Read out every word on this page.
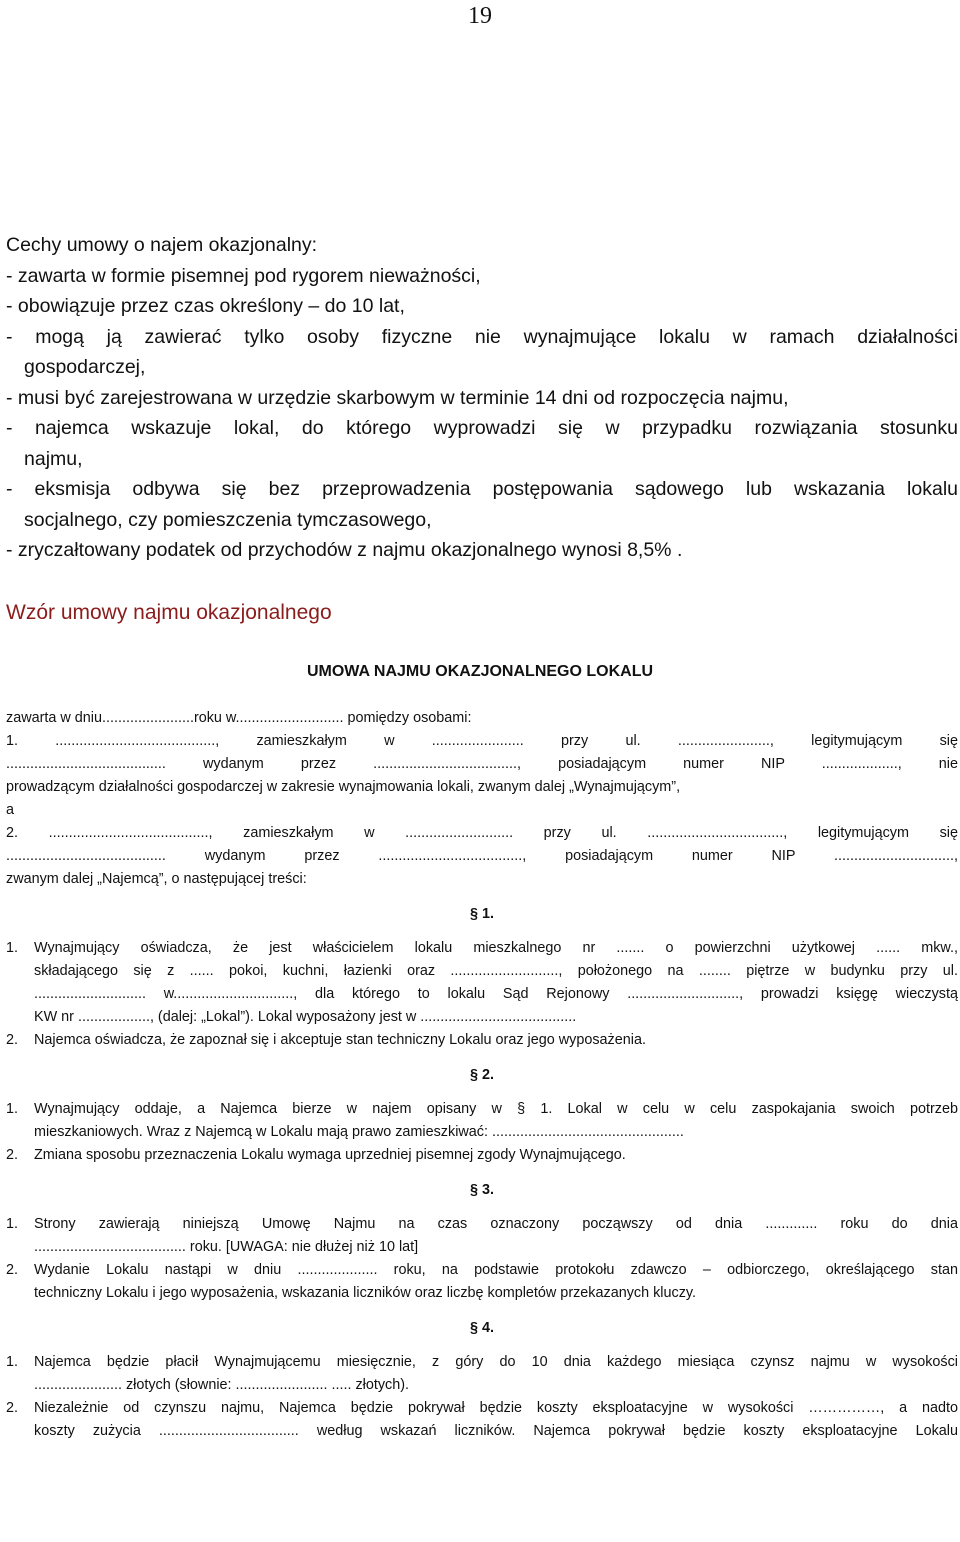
19
Cechy umowy o najem okazjonalny:
- zawarta w formie pisemnej pod rygorem nieważności,
- obowiązuje przez czas określony – do 10 lat,
- mogą ją zawierać tylko osoby fizyczne nie wynajmujące lokalu w ramach działalności
gospodarczej,
- musi być zarejestrowana w urzędzie skarbowym w terminie 14 dni od rozpoczęcia najmu,
- najemca wskazuje lokal, do którego wyprowadzi się w przypadku rozwiązania stosunku
najmu,
- eksmisja odbywa się bez przeprowadzenia postępowania sądowego lub wskazania lokalu
socjalnego, czy pomieszczenia tymczasowego,
- zryczałtowany podatek od przychodów z najmu okazjonalnego wynosi 8,5% .
Wzór umowy najmu okazjonalnego
UMOWA NAJMU OKAZJONALNEGO LOKALU
zawarta w dniu.......................roku w........................... pomiędzy osobami:
1. ........................................, zamieszkałym w ....................... przy ul. ......................., legitymującym się
........................................ wydanym przez ...................................., posiadającym numer NIP ..................., nie
prowadzącym działalności gospodarczej w zakresie wynajmowania lokali, zwanym dalej „Wynajmującym”,
a
2. ........................................, zamieszkałym w ........................... przy ul. .................................., legitymującym się
........................................ wydanym przez ...................................., posiadającym numer NIP ..............................,
zwanym dalej „Najemcą”, o następującej treści:
§ 1.
1. Wynajmujący oświadcza, że jest właścicielem lokalu mieszkalnego nr ....... o powierzchni użytkowej ...... mkw.,
składającego się z ...... pokoi, kuchni, łazienki oraz ..........................., położonego na ........ piętrze w budynku przy ul.
............................ w.............................., dla którego to lokalu Sąd Rejonowy ............................, prowadzi księgę wieczystą
KW nr .................., (dalej: „Lokal”). Lokal wyposażony jest w .......................................
2. Najemca oświadcza, że zapoznał się i akceptuje stan techniczny Lokalu oraz jego wyposażenia.
§ 2.
1. Wynajmujący oddaje, a Najemca bierze w najem opisany w § 1. Lokal w celu w celu zaspokajania swoich potrzeb
mieszkaniowych. Wraz z Najemcą w Lokalu mają prawo zamieszkiwać: ................................................
2. Zmiana sposobu przeznaczenia Lokalu wymaga uprzedniej pisemnej zgody Wynajmującego.
§ 3.
1. Strony zawierają niniejszą Umowę Najmu na czas oznaczony począwszy od dnia ............. roku do dnia
...................................... roku. [UWAGA: nie dłużej niż 10 lat]
2. Wydanie Lokalu nastąpi w dniu .................... roku, na podstawie protokołu zdawczo – odbiorczego, określającego stan
techniczny Lokalu i jego wyposażenia, wskazania liczników oraz liczbę kompletów przekazanych kluczy.
§ 4.
1. Najemca będzie płacił Wynajmującemu miesięcznie, z góry do 10 dnia każdego miesiąca czynsz najmu w wysokości
...................... złotych (słownie: ....................... ..... złotych).
2. Niezależnie od czynszu najmu, Najemca będzie pokrywał będzie koszty eksploatacyjne w wysokości ……………, a nadto
koszty zużycia ................................... według wskazań liczników. Najemca pokrywał będzie koszty eksploatacyjne Lokalu
